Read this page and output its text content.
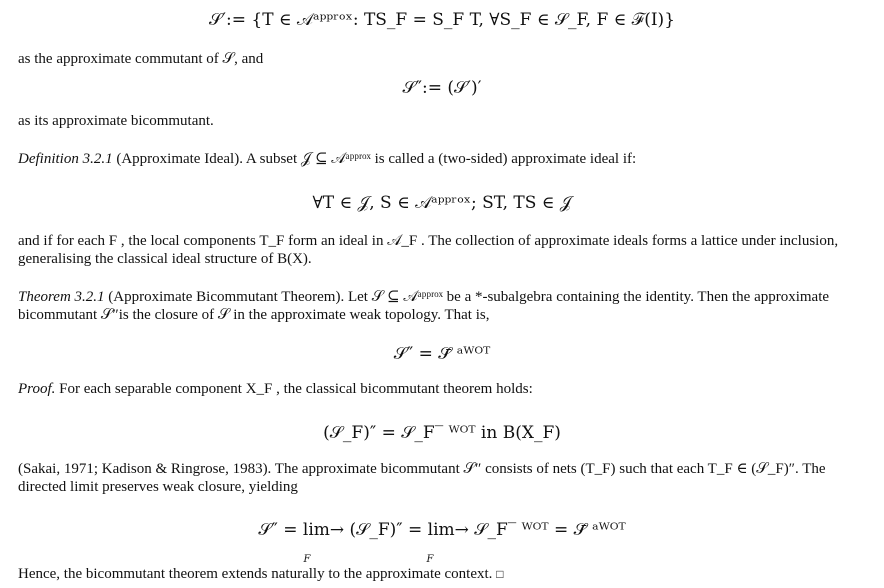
𝒮′:= {T ∈ 𝒜ᵃᵖᵖʳᵒˣ: TS_F = S_F T, ∀S_F ∈ 𝒮_F, F ∈ ℱ(I)}
as the approximate commutant of 𝒮, and
𝒮″:= (𝒮′)′
as its approximate bicommutant.
Definition 3.2.1 (Approximate Ideal). A subset 𝒥 ⊆ 𝒜ᵃᵖᵖʳᵒˣ is called a (two-sided) approximate ideal if:
∀T ∈ 𝒥, S ∈ 𝒜ᵃᵖᵖʳᵒˣ; ST, TS ∈ 𝒥
and if for each F , the local components T_F form an ideal in 𝒜_F . The collection of approximate ideals forms a lattice under inclusion, generalising the classical ideal structure of B(X).
Theorem 3.2.1 (Approximate Bicommutant Theorem). Let 𝒮 ⊆ 𝒜ᵃᵖᵖʳᵒˣ be a *-subalgebra containing the identity. Then the approximate bicommutant 𝒮″is the closure of 𝒮 in the approximate weak topology. That is,
𝒮″ = 𝒮̄ ᵃᵂᴼᵀ
Proof. For each separable component X_F , the classical bicommutant theorem holds:
(𝒮_F)″ = 𝒮_F‾ ᵂᴼᵀ in B(X_F)
(Sakai, 1971; Kadison & Ringrose, 1983). The approximate bicommutant 𝒮″ consists of nets (T_F) such that each T_F ∈ (𝒮_F)″. The directed limit preserves weak closure, yielding
𝒮″ = lim→ (𝒮_F)″ = lim→ 𝒮_F‾ ᵂᴼᵀ = 𝒮̄ ᵃᵂᴼᵀ
F	F
Hence, the bicommutant theorem extends naturally to the approximate context. □
